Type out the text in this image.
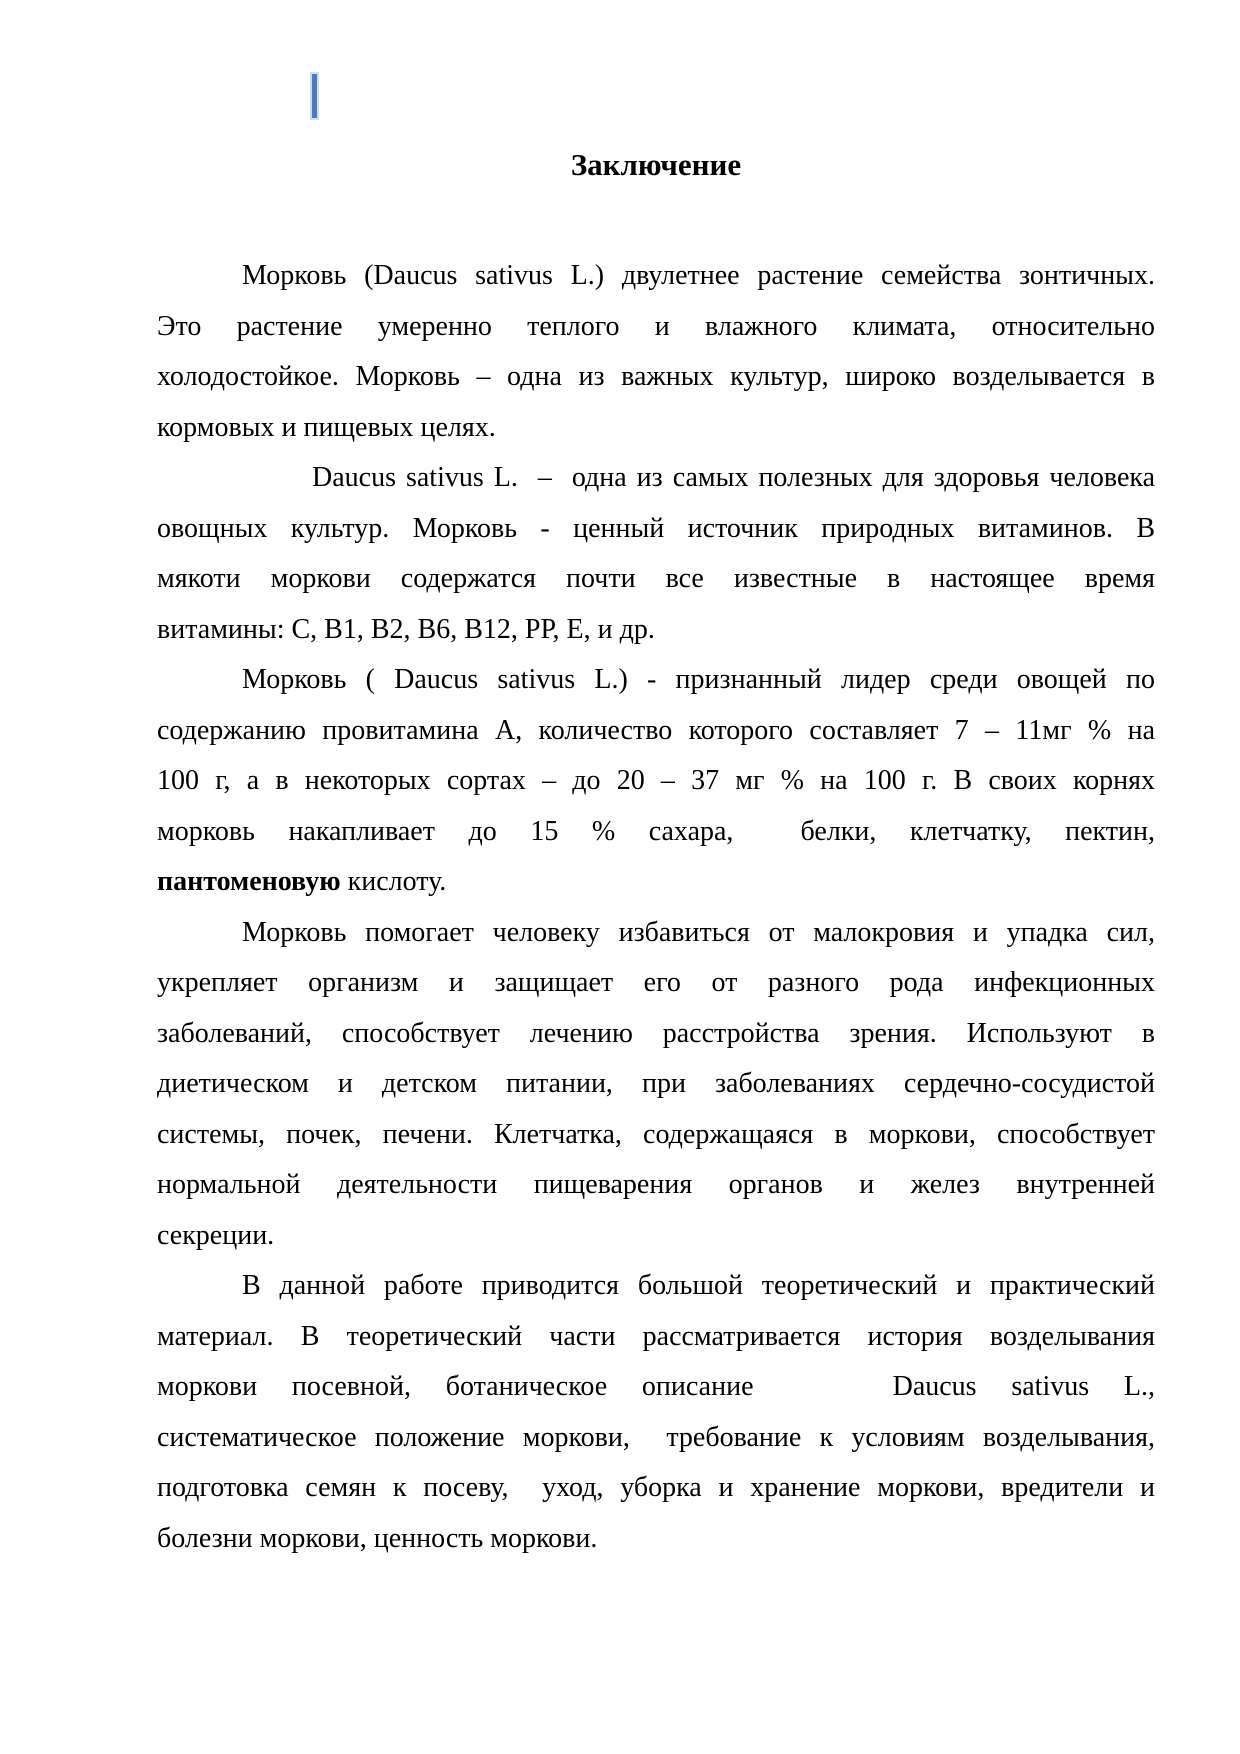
Заключение
Морковь (Daucus sativus L.) двулетнее растение семейства зонтичных.
Это растение умеренно теплого и влажного климата, относительно
холодостойкое. Морковь – одна из важных культур, широко возделывается в
кормовых и пищевых целях.
Daucus sativus L.  –  одна из самых полезных для здоровья человека
овощных культур. Морковь - ценный источник природных витаминов. В
мякоти моркови содержатся почти все известные в настоящее время
витамины: С, В1, В2, В6, В12, РР, Е, и др.
Морковь ( Daucus sativus L.) - признанный лидер среди овощей по
содержанию провитамина А, количество которого составляет 7 – 11мг % на
100 г, а в некоторых сортах – до 20 – 37 мг % на 100 г. В своих корнях
морковь накапливает до 15 % сахара,  белки, клетчатку, пектин,
пантоменовую кислоту.
Морковь помогает человеку избавиться от малокровия и упадка сил,
укрепляет организм и защищает его от разного рода инфекционных
заболеваний, способствует лечению расстройства зрения. Используют в
диетическом и детском питании, при заболеваниях сердечно-сосудистой
системы, почек, печени. Клетчатка, содержащаяся в моркови, способствует
нормальной деятельности пищеварения органов и желез внутренней
секреции.
В данной работе приводится большой теоретический и практический
материал. В теоретический части рассматривается история возделывания
моркови посевной, ботаническое описание    Daucus sativus L.,
систематическое положение моркови,  требование к условиям возделывания,
подготовка семян к посеву,  уход, уборка и хранение моркови, вредители и
болезни моркови, ценность моркови.
